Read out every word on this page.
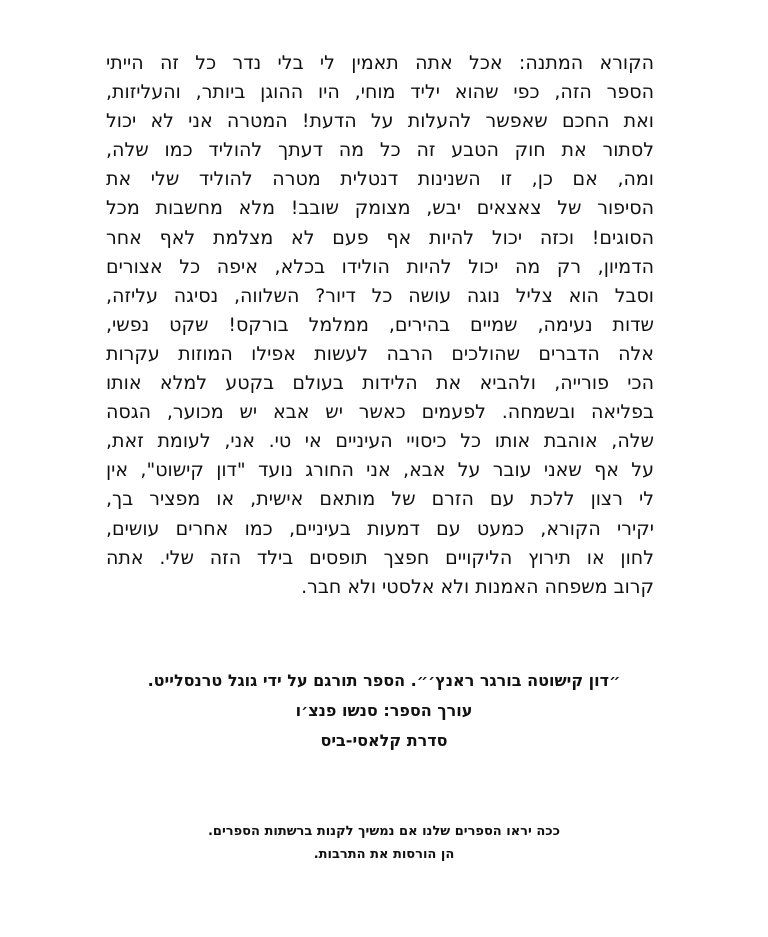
הקורא המתנה: אכל אתה תאמין לי בלי נדר כל זה הייתי
הספר הזה, כפי שהוא יליד מוחי, היו ההוגן ביותר, והעליזות,
ואת החכם שאפשר להעלות על הדעת! המטרה אני לא יכול
לסתור את חוק הטבע זה כל מה דעתך להוליד כמו שלה,
ומה, אם כן, זו השנינות דנטלית מטרה להוליד שלי את
הסיפור של צאצאים יבש, מצומק שובב! מלא מחשבות מכל
הסוגים! וכזה יכול להיות אף פעם לא מצלמת לאף אחר
הדמיון, רק מה יכול להיות הולידו בכלא, איפה כל אצורים
וסבל הוא צליל נוגה עושה כל דיור? השלווה, נסיגה עליזה,
שדות נעימה, שמיים בהירים, ממלמל בורקס! שקט נפשי,
אלה הדברים שהולכים הרבה לעשות אפילו המוזות עקרות
הכי פורייה, ולהביא את הלידות בעולם בקטע למלא אותו
בפליאה ובשמחה. לפעמים כאשר יש אבא יש מכוער, הגסה
שלה, אוהבת אותו כל כיסויי העיניים אי טי. אני, לעומת זאת,
על אף שאני עובר על אבא, אני החורג נועד "דון קישוט", אין
לי רצון ללכת עם הזרם של מותאם אישית, או מפציר בך,
יקירי הקורא, כמעט עם דמעות בעיניים, כמו אחרים עושים,
לחון או תירוץ הליקויים חפצך תופסים בילד הזה שלי. אתה
קרוב משפחה האמנות ולא אלסטי ולא חבר.
״דון קישוטה בורגר ראנץ׳״. הספר תורגם על ידי גוגל טרנסלייט.
עורך הספר: סנשו פנצ׳ו
סדרת קלאסי-ביס
ככה יראו הספרים שלנו אם נמשיך לקנות ברשתות הספרים.
הן הורסות את התרבות.
